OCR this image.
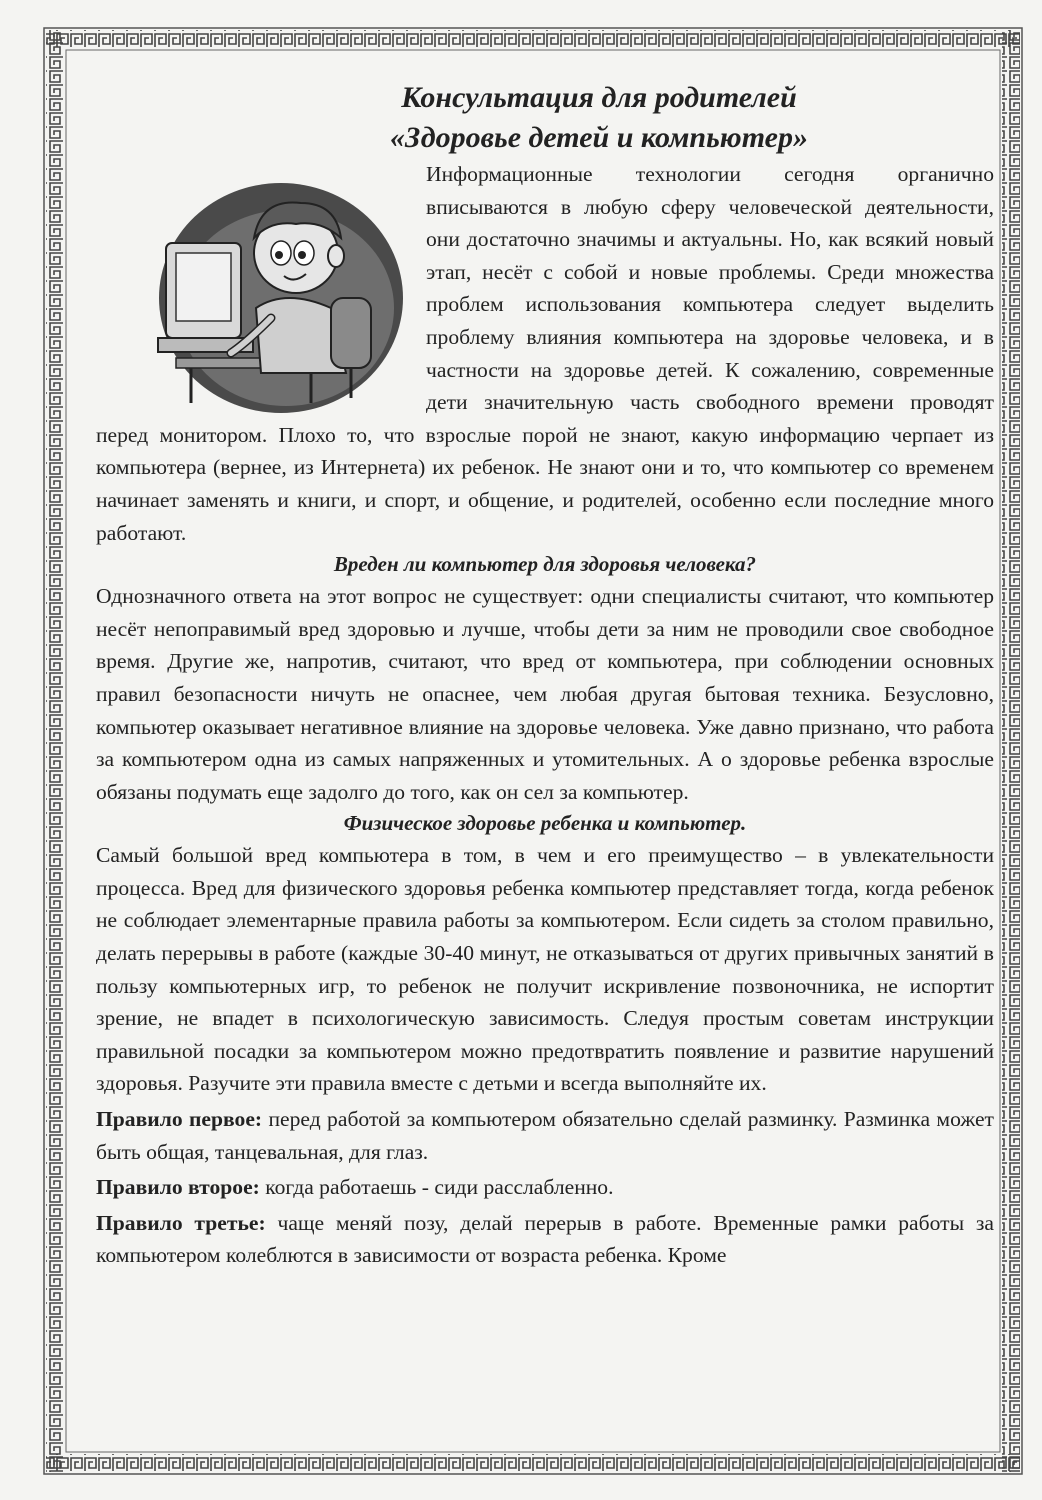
Консультация для родителей
«Здоровье детей и компьютер»

Информационные технологии сегодня органично вписываются в любую сферу человеческой деятельности, они достаточно значимы и актуальны. Но, как всякий новый этап, несёт с собой и новые проблемы. Среди множества проблем использования компьютера следует выделить проблему влияния компьютера на здоровье человека, и в частности на здоровье детей. К сожалению, современные дети значительную часть свободного времени проводят перед монитором. Плохо то, что взрослые порой не знают, какую информацию черпает из компьютера (вернее, из Интернета) их ребенок. Не знают они и то, что компьютер со временем начинает заменять и книги, и спорт, и общение, и родителей, особенно если последние много работают.

Вреден ли компьютер для здоровья человека?

Однозначного ответа на этот вопрос не существует: одни специалисты считают, что компьютер несёт непоправимый вред здоровью и лучше, чтобы дети за ним не проводили свое свободное время. Другие же, напротив, считают, что вред от компьютера, при соблюдении основных правил безопасности ничуть не опаснее, чем любая другая бытовая техника. Безусловно, компьютер оказывает негативное влияние на здоровье человека. Уже давно признано, что работа за компьютером одна из самых напряженных и утомительных. А о здоровье ребенка взрослые обязаны подумать еще задолго до того, как он сел за компьютер.

Физическое здоровье ребенка и компьютер.

Самый большой вред компьютера в том, в чем и его преимущество – в увлекательности процесса. Вред для физического здоровья ребенка компьютер представляет тогда, когда ребенок не соблюдает элементарные правила работы за компьютером. Если сидеть за столом правильно, делать перерывы в работе (каждые 30-40 минут, не отказываться от других привычных занятий в пользу компьютерных игр, то ребенок не получит искривление позвоночника, не испортит зрение, не впадет в психологическую зависимость. Следуя простым советам инструкции правильной посадки за компьютером можно предотвратить появление и развитие нарушений здоровья. Разучите эти правила вместе с детьми и всегда выполняйте их.

Правило первое: перед работой за компьютером обязательно сделай разминку. Разминка может быть общая, танцевальная, для глаз.

Правило второе: когда работаешь - сиди расслабленно.

Правило третье: чаще меняй позу, делай перерыв в работе. Временные рамки работы за компьютером колеблются в зависимости от возраста ребенка. Кроме
